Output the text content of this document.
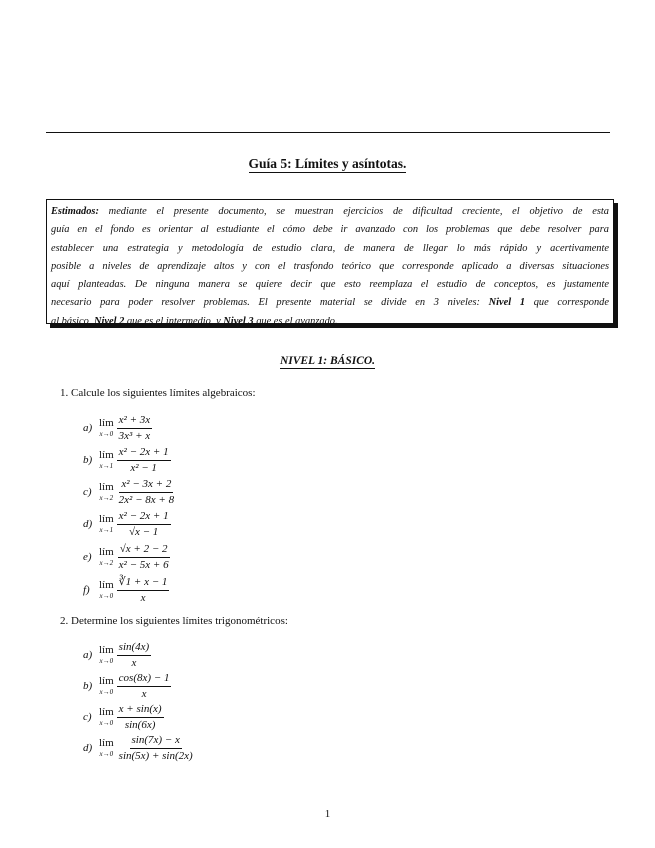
Guía 5: Límites y asíntotas.
Estimados: mediante el presente documento, se muestran ejercicios de dificultad creciente, el objetivo de esta
guía en el fondo es orientar al estudiante el cómo debe ir avanzado con los problemas que debe resolver para
establecer una estrategia y metodología de estudio clara, de manera de llegar lo más rápido y acertivamente
posible a niveles de aprendizaje altos y con el trasfondo teórico que corresponde aplicado a diversas situaciones
aquí planteadas. De ninguna manera se quiere decir que esto reemplaza el estudio de conceptos, es justamente
necesario para poder resolver problemas. El presente material se divide en 3 niveles: Nivel 1 que corresponde
al básico, Nivel 2 que es el intermedio, y Nivel 3 que es el avanzado.
NIVEL 1: BÁSICO.
1. Calcule los siguientes límites algebraicos:
a) lím
$x\to 0 \frac{\text{x² + 3x}}{\text{3x³ + x}}$
b) lím
$x\to 1 \frac{\text{x² − 2x + 1}}{\text{x² − 1}}$
c) lím
$x\to 2 \frac{\text{x² − 3x + 2}}{\text{2x² − 8x + 8}}$
d) lím
$x\to 1 \frac{\text{x² − 2x + 1}}{√x - 1}$
e) lím
$x\to 2 \frac{√x + 2 - 2}{\text{x² − 5x + 6}}$
f) lím
$x\to 0 \frac{∛1 + x - 1}{x}$
2. Determine los siguientes límites trigonométricos:
a) lím
$x\to 0 \frac{\sin(4x)}{x}$
b) lím
$x\to 0 \frac{\cos(8x) - 1}{x}$
c) lím
$x\to 0 \frac{x + \sin(x)}{\sin(6x)}$
d) lím
$x\to 0 \frac{\sin(7x) - x}{\sin(5x) + \sin(2x)}$
1
